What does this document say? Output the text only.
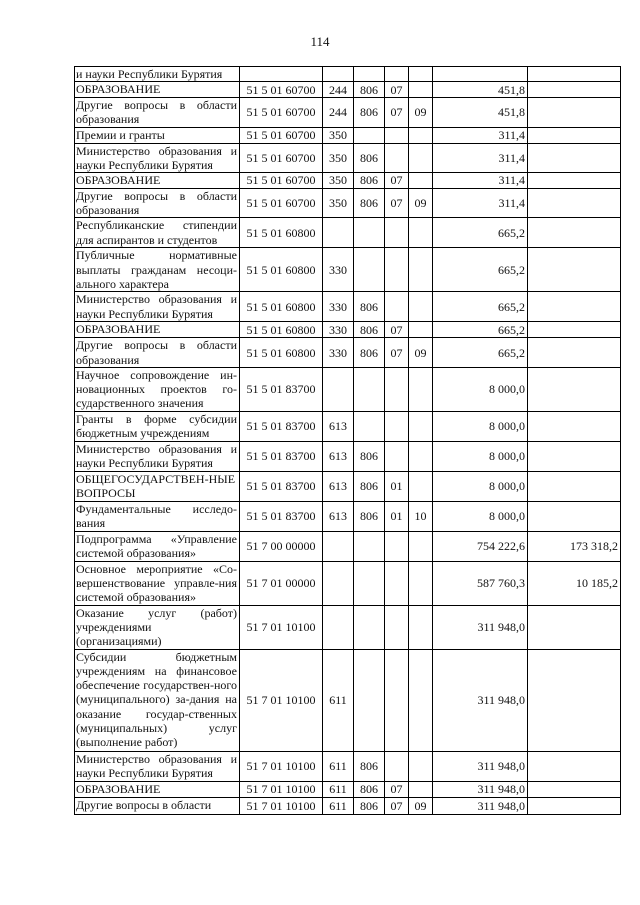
114
и науки Республики Бурятия							
ОБРАЗОВАНИЕ	51 5 01 60700	244	806	07		451,8	
Другие вопросы в области образования	51 5 01 60700	244	806	07	09	451,8	
Премии и гранты	51 5 01 60700	350				311,4	
Министерство образования и науки Республики Бурятия	51 5 01 60700	350	806			311,4	
ОБРАЗОВАНИЕ	51 5 01 60700	350	806	07		311,4	
Другие вопросы в области образования	51 5 01 60700	350	806	07	09	311,4	
Республиканские стипендии для аспирантов и студентов	51 5 01 60800					665,2	
Публичные нормативные выплаты гражданам несоци-ального характера	51 5 01 60800	330				665,2	
Министерство образования и науки Республики Бурятия	51 5 01 60800	330	806			665,2	
ОБРАЗОВАНИЕ	51 5 01 60800	330	806	07		665,2	
Другие вопросы в области образования	51 5 01 60800	330	806	07	09	665,2	
Научное сопровождение ин-новационных проектов го-сударственного значения	51 5 01 83700					8 000,0	
Гранты в форме субсидии бюджетным учреждениям	51 5 01 83700	613				8 000,0	
Министерство образования и науки Республики Бурятия	51 5 01 83700	613	806			8 000,0	
ОБЩЕГОСУДАРСТВЕН-НЫЕ ВОПРОСЫ	51 5 01 83700	613	806	01		8 000,0	
Фундаментальные исследо-вания	51 5 01 83700	613	806	01	10	8 000,0	
Подпрограмма «Управление системой образования»	51 7 00 00000					754 222,6	173 318,2
Основное мероприятие «Со-вершенствование управле-ния системой образования»	51 7 01 00000					587 760,3	10 185,2
Оказание услуг (работ) учреждениями (организациями)	51 7 01 10100					311 948,0	
Субсидии бюджетным учреждениям на финансовое обеспечение государствен-ного (муниципального) за-дания на оказание государ-ственных (муниципальных) услуг (выполнение работ)	51 7 01 10100	611				311 948,0	
Министерство образования и науки Республики Бурятия	51 7 01 10100	611	806			311 948,0	
ОБРАЗОВАНИЕ	51 7 01 10100	611	806	07		311 948,0	
Другие вопросы в области	51 7 01 10100	611	806	07	09	311 948,0	
